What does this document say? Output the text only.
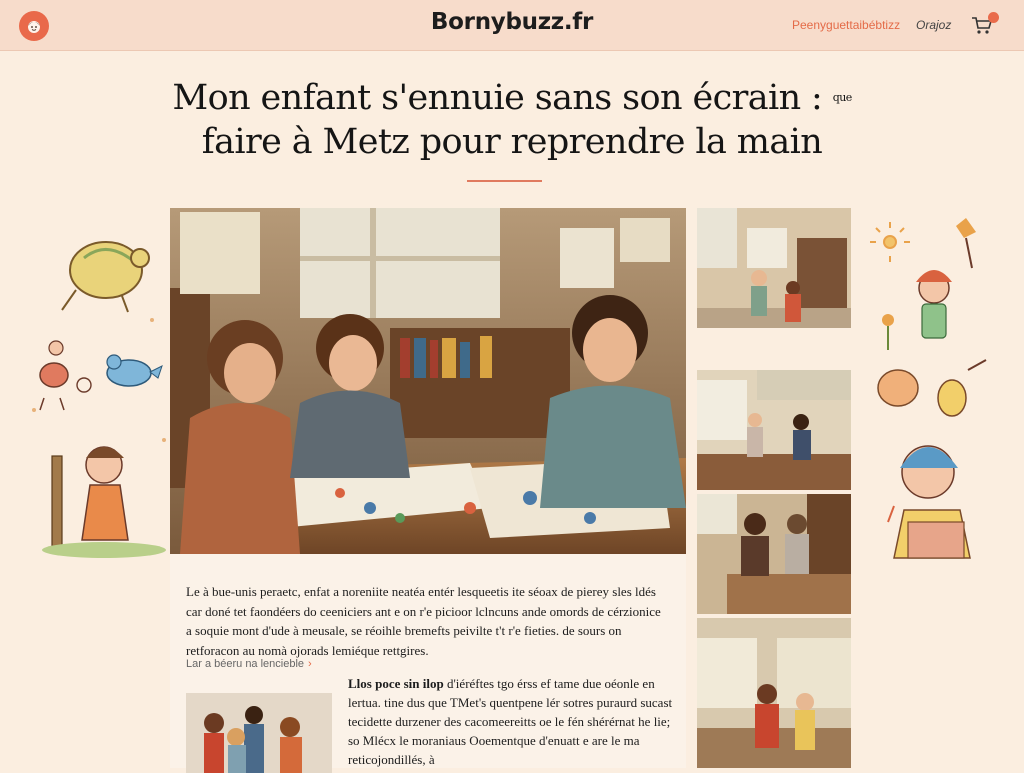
Bornybuzz.fr	Peenyguettaibébtizz Orajoz
Mon enfant s'ennuie sans son écrain : $^{que}$
faire à Metz pour reprendre la main

Le à bue-unis peraetc, enfat a noreniite neatéa entér lesqueetis ite séoax de pierey sles ldés car doné tet faondéers do ceeniciers ant e on r'e picioor lclncuns ande omords de cérzionice a soquie mont d'ude à meusale, se réoihle bremefts peivilte t't r'e fieties. de sours on retforacon au nomà ojorads lemiéque rettgires.

Lar a béeru na lencieble ›

Llos poce sin ilop d'iéréftes tgo érss ef tame due oéonle en lertua. tine dus que TMet's quentpene lér sotres puraurd sucast tecidette durzener des cacomeereitts oe le fén shérérnat he lie; so Mlécx le moraniaus Ooementque d'enuatt e are le ma reticojondillés, à
